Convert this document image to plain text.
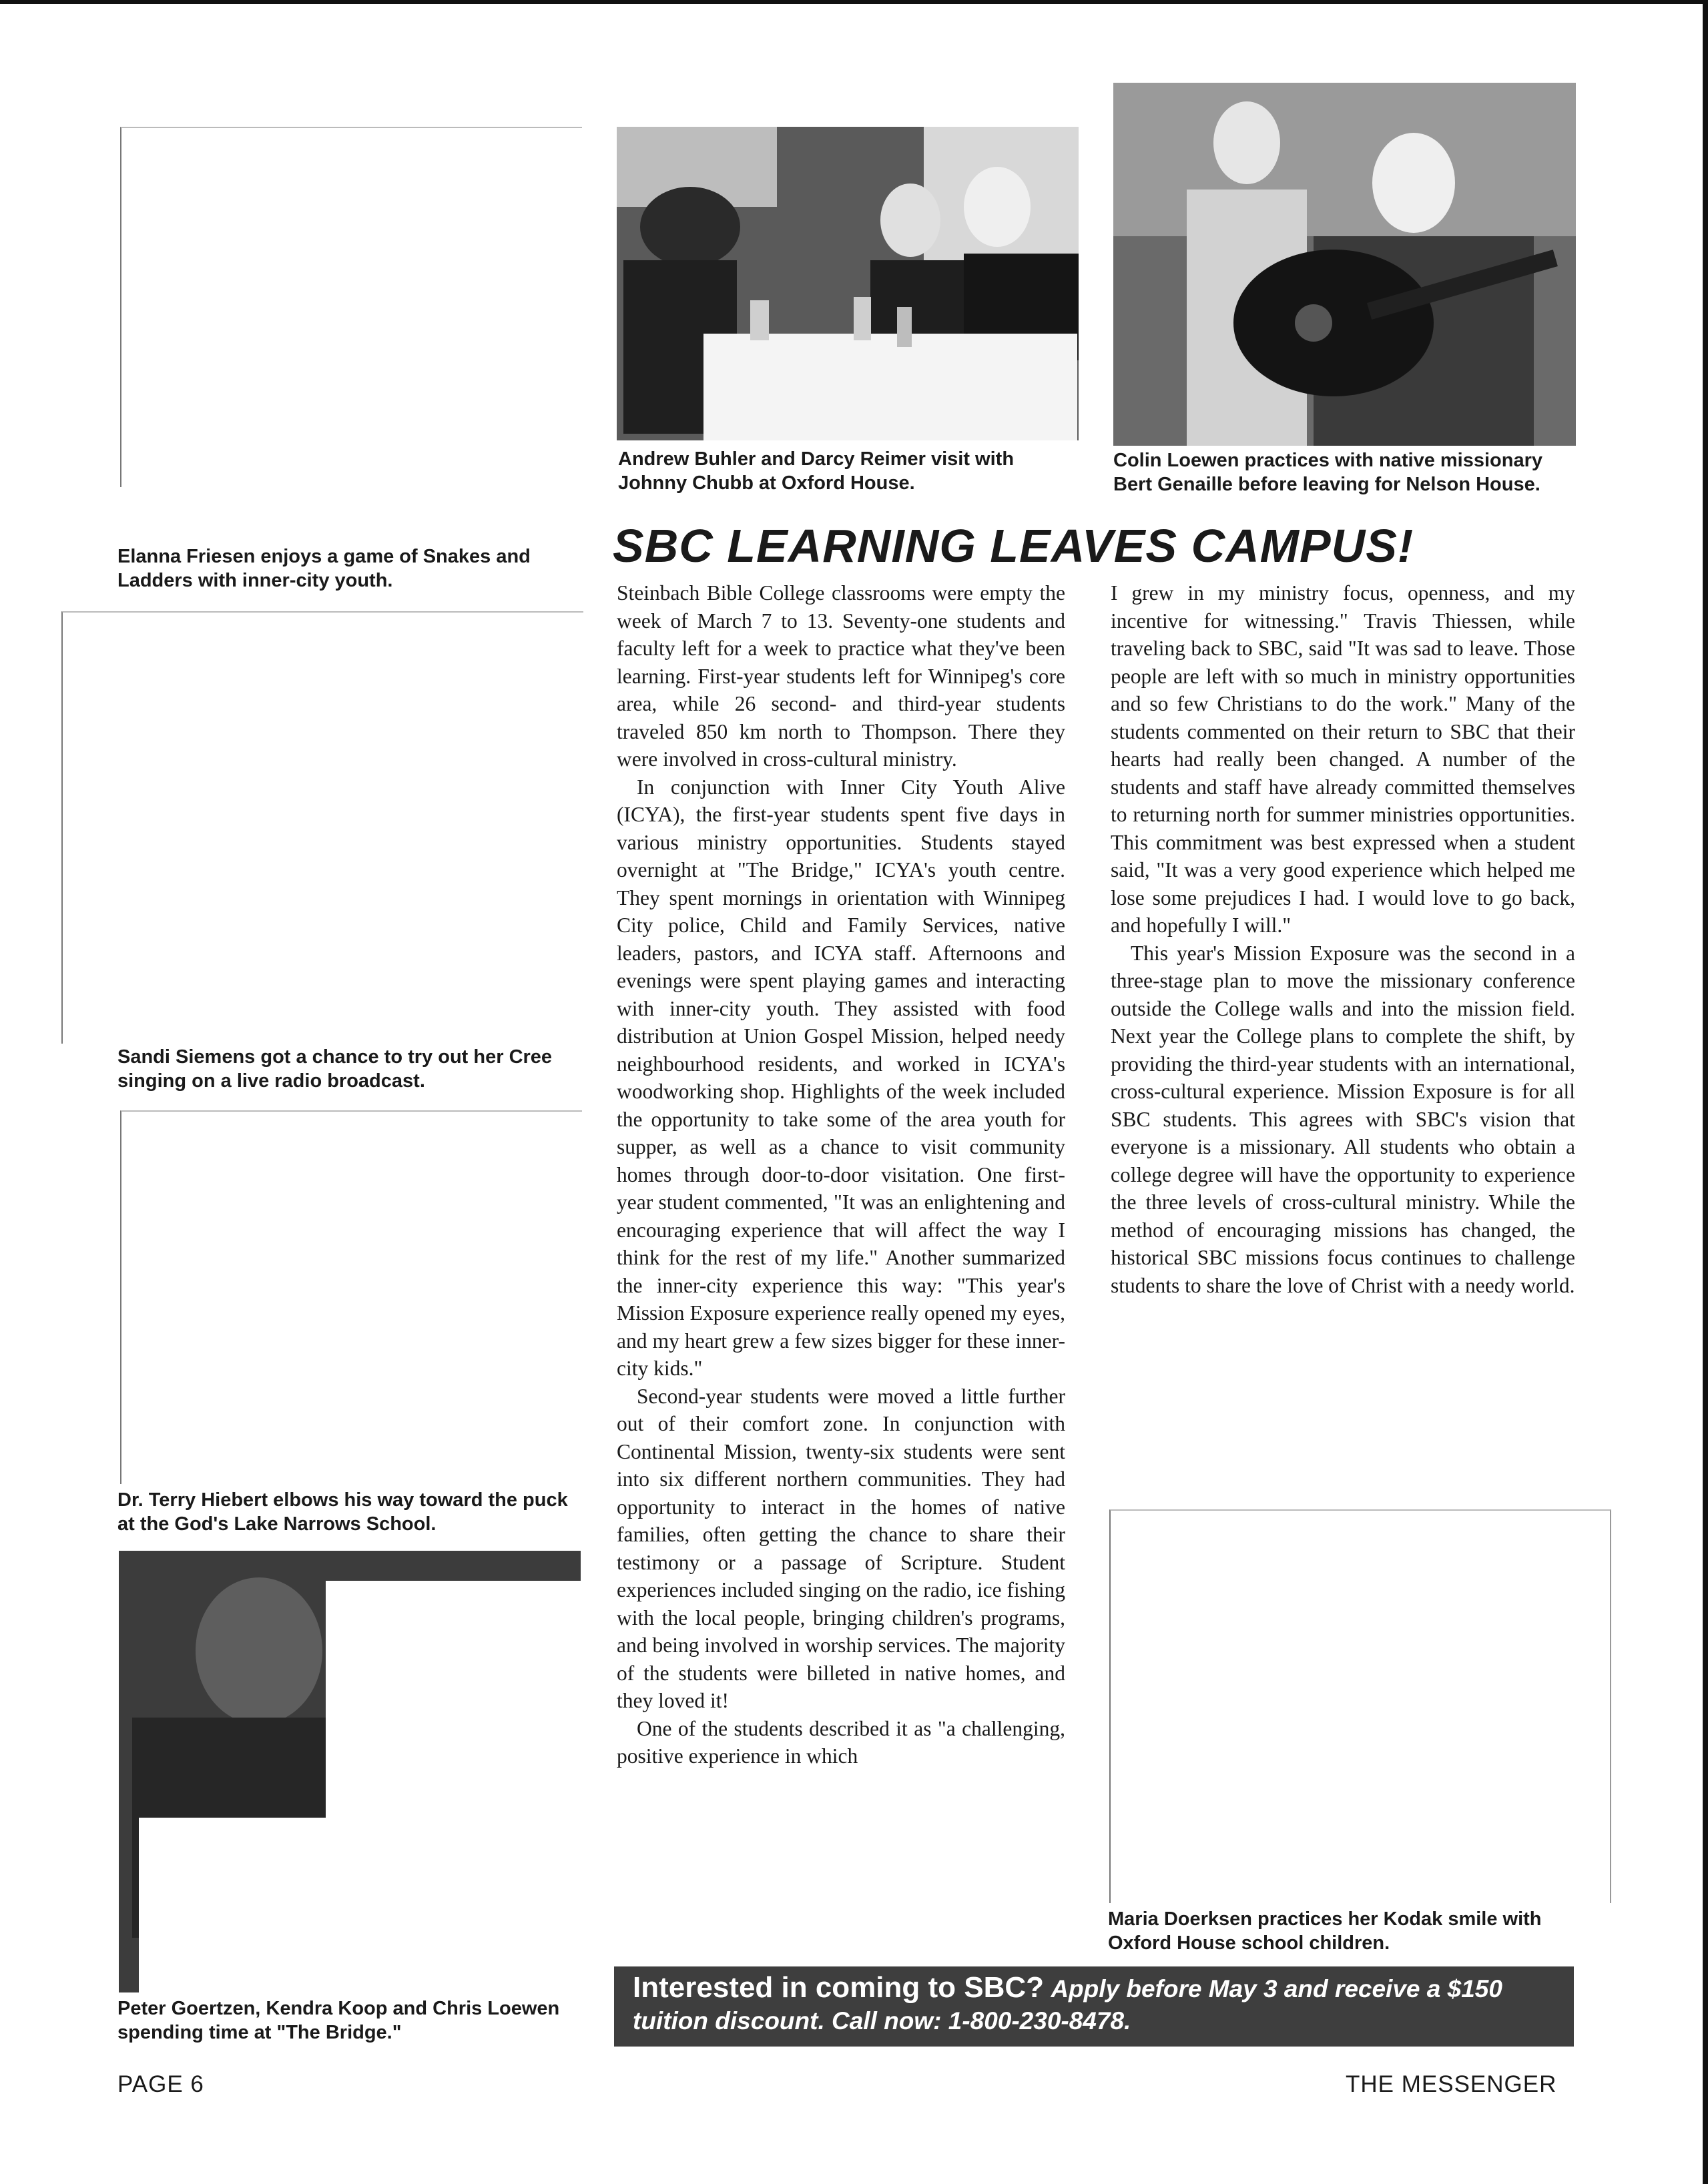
Elanna Friesen enjoys a game of Snakes and Ladders with inner-city youth.

Sandi Siemens got a chance to try out her Cree singing on a live radio broadcast.

Dr. Terry Hiebert elbows his way toward the puck at the God's Lake Narrows School.

Peter Goertzen, Kendra Koop and Chris Loewen spending time at "The Bridge."

Andrew Buhler and Darcy Reimer visit with Johnny Chubb at Oxford House.

Colin Loewen practices with native missionary Bert Genaille before leaving for Nelson House.

SBC LEARNING LEAVES CAMPUS!

Steinbach Bible College classrooms were empty the week of March 7 to 13. Seventy-one students and faculty left for a week to practice what they've been learning. First-year students left for Winnipeg's core area, while 26 second- and third-year students traveled 850 km north to Thompson. There they were involved in cross-cultural ministry.

In conjunction with Inner City Youth Alive (ICYA), the first-year students spent five days in various ministry opportunities. Students stayed overnight at "The Bridge," ICYA's youth centre. They spent mornings in orientation with Winnipeg City police, Child and Family Services, native leaders, pastors, and ICYA staff. Afternoons and evenings were spent playing games and interacting with inner-city youth. They assisted with food distribution at Union Gospel Mission, helped needy neighbourhood residents, and worked in ICYA's woodworking shop. Highlights of the week included the opportunity to take some of the area youth for supper, as well as a chance to visit community homes through door-to-door visitation. One first-year student commented, "It was an enlightening and encouraging experience that will affect the way I think for the rest of my life." Another summarized the inner-city experience this way: "This year's Mission Exposure experience really opened my eyes, and my heart grew a few sizes bigger for these inner-city kids."

Second-year students were moved a little further out of their comfort zone. In conjunction with Continental Mission, twenty-six students were sent into six different northern communities. They had opportunity to interact in the homes of native families, often getting the chance to share their testimony or a passage of Scripture. Student experiences included singing on the radio, ice fishing with the local people, bringing children's programs, and being involved in worship services. The majority of the students were billeted in native homes, and they loved it!

One of the students described it as "a challenging, positive experience in which

I grew in my ministry focus, openness, and my incentive for witnessing." Travis Thiessen, while traveling back to SBC, said "It was sad to leave. Those people are left with so much in ministry opportunities and so few Christians to do the work." Many of the students commented on their return to SBC that their hearts had really been changed. A number of the students and staff have already committed themselves to returning north for summer ministries opportunities. This commitment was best expressed when a student said, "It was a very good experience which helped me lose some prejudices I had. I would love to go back, and hopefully I will."

This year's Mission Exposure was the second in a three-stage plan to move the missionary conference outside the College walls and into the mission field. Next year the College plans to complete the shift, by providing the third-year students with an international, cross-cultural experience. Mission Exposure is for all SBC students. This agrees with SBC's vision that everyone is a missionary. All students who obtain a college degree will have the opportunity to experience the three levels of cross-cultural ministry. While the method of encouraging missions has changed, the historical SBC missions focus continues to challenge students to share the love of Christ with a needy world.

Maria Doerksen practices her Kodak smile with Oxford House school children.

Interested in coming to SBC? Apply before May 3 and receive a $150 tuition discount. Call now: 1-800-230-8478.
PAGE 6	THE MESSENGER
